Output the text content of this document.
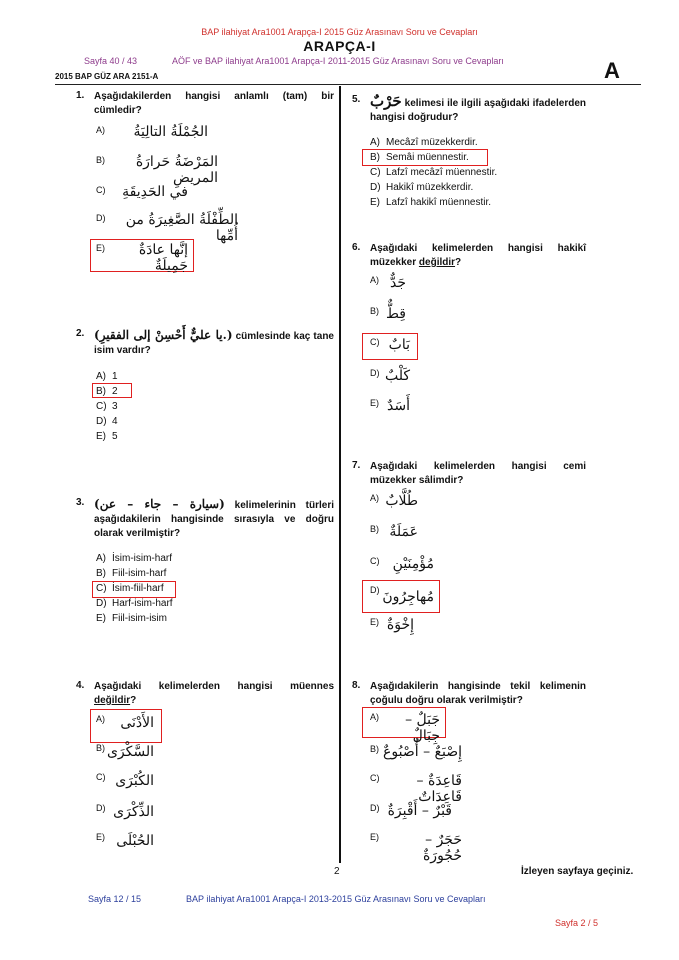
BAP ilahiyat Ara1001 Arapça-I 2015 Güz Arasınavı Soru ve Cevapları
ARAPÇA-I
Sayfa 40 / 43	AÖF ve BAP ilahiyat Ara1001 Arapça-I 2011-2015 Güz Arasınavı Soru ve Cevapları	A
2015 BAP GÜZ ARA 2151-A
1. Aşağıdakilerden hangisi anlamlı (tam) bir cümledir?
A)	الجُمْلَةُ التالِيَةُ
B)	المَرْضَةُ حَرارَةُ المريضِ
C) في الحَدِيقَةِ
D)	الطِّفْلَةُ الصَّغِيرَةُ من أُمِّها
E)	إنَّها عادَةٌ جَمِيلَةٌ
2. (يا عليٌّ أَحْسِنْ إلى الفقيرِ.) cümlesinde kaç tane isim vardır?
A) 1
B) 2
C) 3
D) 4
E) 5
3. (سيارة – جاء – عن) kelimelerinin türleri aşağıdakilerin hangisinde sırasıyla ve doğru olarak verilmiştir?
A) İsim-isim-harf
B) Fiil-isim-harf
C) İsim-fiil-harf
D) Harf-isim-harf
E) Fiil-isim-isim
4. Aşağıdaki kelimelerden hangisi müennes değildir?
A)	الأَدْنَى
B) السَّكْرَى
C) الكُبْرَى
D) الذِّكْرَى
E) الحُبْلَى
5. حَرْبٌ kelimesi ile ilgili aşağıdaki ifadelerden hangisi doğrudur?
A) Mecâzî müzekkerdir.
B) Semâi müennestir.
C) Lafzî mecâzî müennestir.
D) Hakikî müzekkerdir.
E) Lafzî hakikî müennestir.
6. Aşağıdaki kelimelerden hangisi hakikî müzekker değildir?
A) جَدٌّ
B) قِطٌّ
C) بَابٌ
D) كَلْبٌ
E) أَسَدٌ
7. Aşağıdaki kelimelerden hangisi cemi müzekker sâlimdir?
A) طُلَّابٌ
B) عَمَلَةٌ
C) مُؤْمِنَيْنِ
D) مُهاجِرُونَ
E) إِخْوَةٌ
8. Aşağıdakilerin hangisinde tekil kelimenin çoğulu doğru olarak verilmiştir?
A)	جَبَلٌ – جِبَالٌ
B) إِصْبَعٌ – أُصْبُوعٌ
C)	قَاعِدَةٌ – قَاعِدَاتٌ
D) قَبْرٌ – أَقْبِرَةٌ
E)	حَجَرٌ – حُجُورَةٌ
2	İzleyen sayfaya geçiniz.
Sayfa 12 / 15	BAP ilahiyat Ara1001 Arapça-I 2013-2015 Güz Arasınavı Soru ve Cevapları
Sayfa 2 / 5
